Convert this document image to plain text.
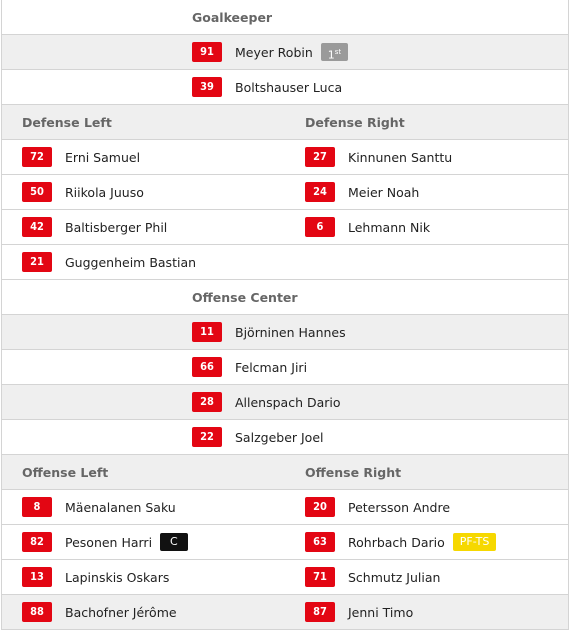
Goalkeeper
91	Meyer Robin	1st
39	Boltshauser Luca
Defense Left	Defense Right
72	Erni Samuel	27	Kinnunen Santtu
50	Riikola Juuso	24	Meier Noah
42	Baltisberger Phil	6	Lehmann Nik
21	Guggenheim Bastian
Offense Center
11	Björninen Hannes
66	Felcman Jiri
28	Allenspach Dario
22	Salzgeber Joel
Offense Left	Offense Right
8	Mäenalanen Saku	20	Petersson Andre
82	Pesonen Harri	C	63	Rohrbach Dario	PF-TS
13	Lapinskis Oskars	71	Schmutz Julian
88	Bachofner Jérôme	87	Jenni Timo
